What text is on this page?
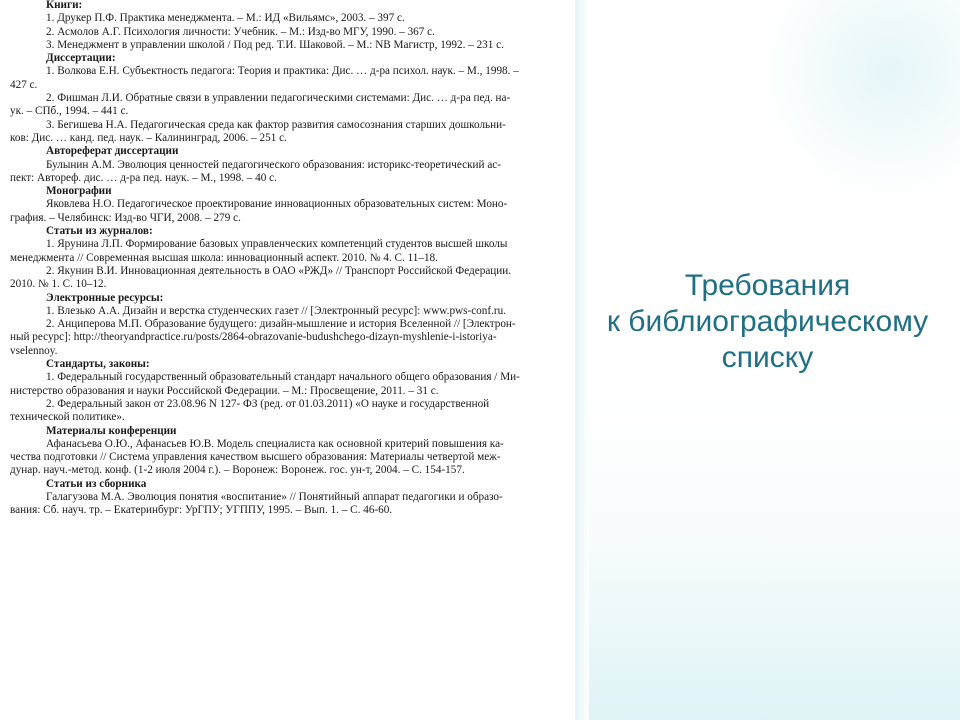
Книги:
1. Друкер П.Ф. Практика менеджмента. – М.: ИД «Вильямс», 2003. – 397 с.
2. Асмолов А.Г. Психология личности: Учебник. – М.: Изд-во МГУ, 1990. – 367 с.
3. Менеджмент в управлении школой / Под ред. Т.И. Шаковой. – М.: NB Магистр, 1992. – 231 с.
Диссертации:
1. Волкова Е.Н. Субъектность педагога: Теория и практика: Дис. … д-ра психол. наук. – М., 1998. –
427 с.
2. Фишман Л.И. Обратные связи в управлении педагогическими системами: Дис. … д-ра пед. на-
ук. – СПб., 1994. – 441 с.
3. Бегишева Н.А. Педагогическая среда как фактор развития самосознания старших дошкольни-
ков: Дис. … канд. пед. наук. – Калининград, 2006. – 251 с.
Автореферат диссертации
Булынин А.М. Эволюция ценностей педагогического образования: историкс-теоретический ас-
пект: Автореф. дис. … д-ра пед. наук. – М., 1998. – 40 с.
Монографии
Яковлева Н.О. Педагогическое проектирование инновационных образовательных систем: Моно-
графия. – Челябинск: Изд-во ЧГИ, 2008. – 279 с.
Статьи из журналов:
1. Ярунина Л.П. Формирование базовых управленческих компетенций студентов высшей школы
менеджмента // Современная высшая школа: инновационный аспект. 2010. № 4. С. 11–18.
2. Якунин В.И. Инновационная деятельность в ОАО «РЖД» // Транспорт Российской Федерации.
2010. № 1. С. 10–12.
Электронные ресурсы:
1. Влезько А.А. Дизайн и верстка студенческих газет // [Электронный ресурс]: www.pws-conf.ru.
2. Анциперова М.П. Образование будущего: дизайн-мышление и история Вселенной // [Электрон-
ный ресурс]: http://theoryandpractice.ru/posts/2864-obrazovanie-budushchego-dizayn-myshlenie-i-istoriya-
vselennoy.
Стандарты, законы:
1. Федеральный государственный образовательный стандарт начального общего образования / Ми-
нистерство образования и науки Российской Федерации. – М.: Просвещение, 2011. – 31 с.
2. Федеральный закон от 23.08.96 N 127- ФЗ (ред. от 01.03.2011) «О науке и государственной
технической политике».
Материалы конференции
Афанасьева О.Ю., Афанасьев Ю.В. Модель специалиста как основной критерий повышения ка-
чества подготовки // Система управления качеством высшего образования: Материалы четвертой меж-
дунар. науч.-метод. конф. (1-2 июля 2004 г.). – Воронеж: Воронеж. гос. ун-т, 2004. – С. 154-157.
Статьи из сборника
Галагузова М.А. Эволюция понятия «воспитание» // Понятийный аппарат педагогики и образо-
вания: Сб. науч. тр. – Екатеринбург: УрГПУ; УГППУ, 1995. – Вып. 1. – С. 46-60.
Требования
к библиографическому
списку
